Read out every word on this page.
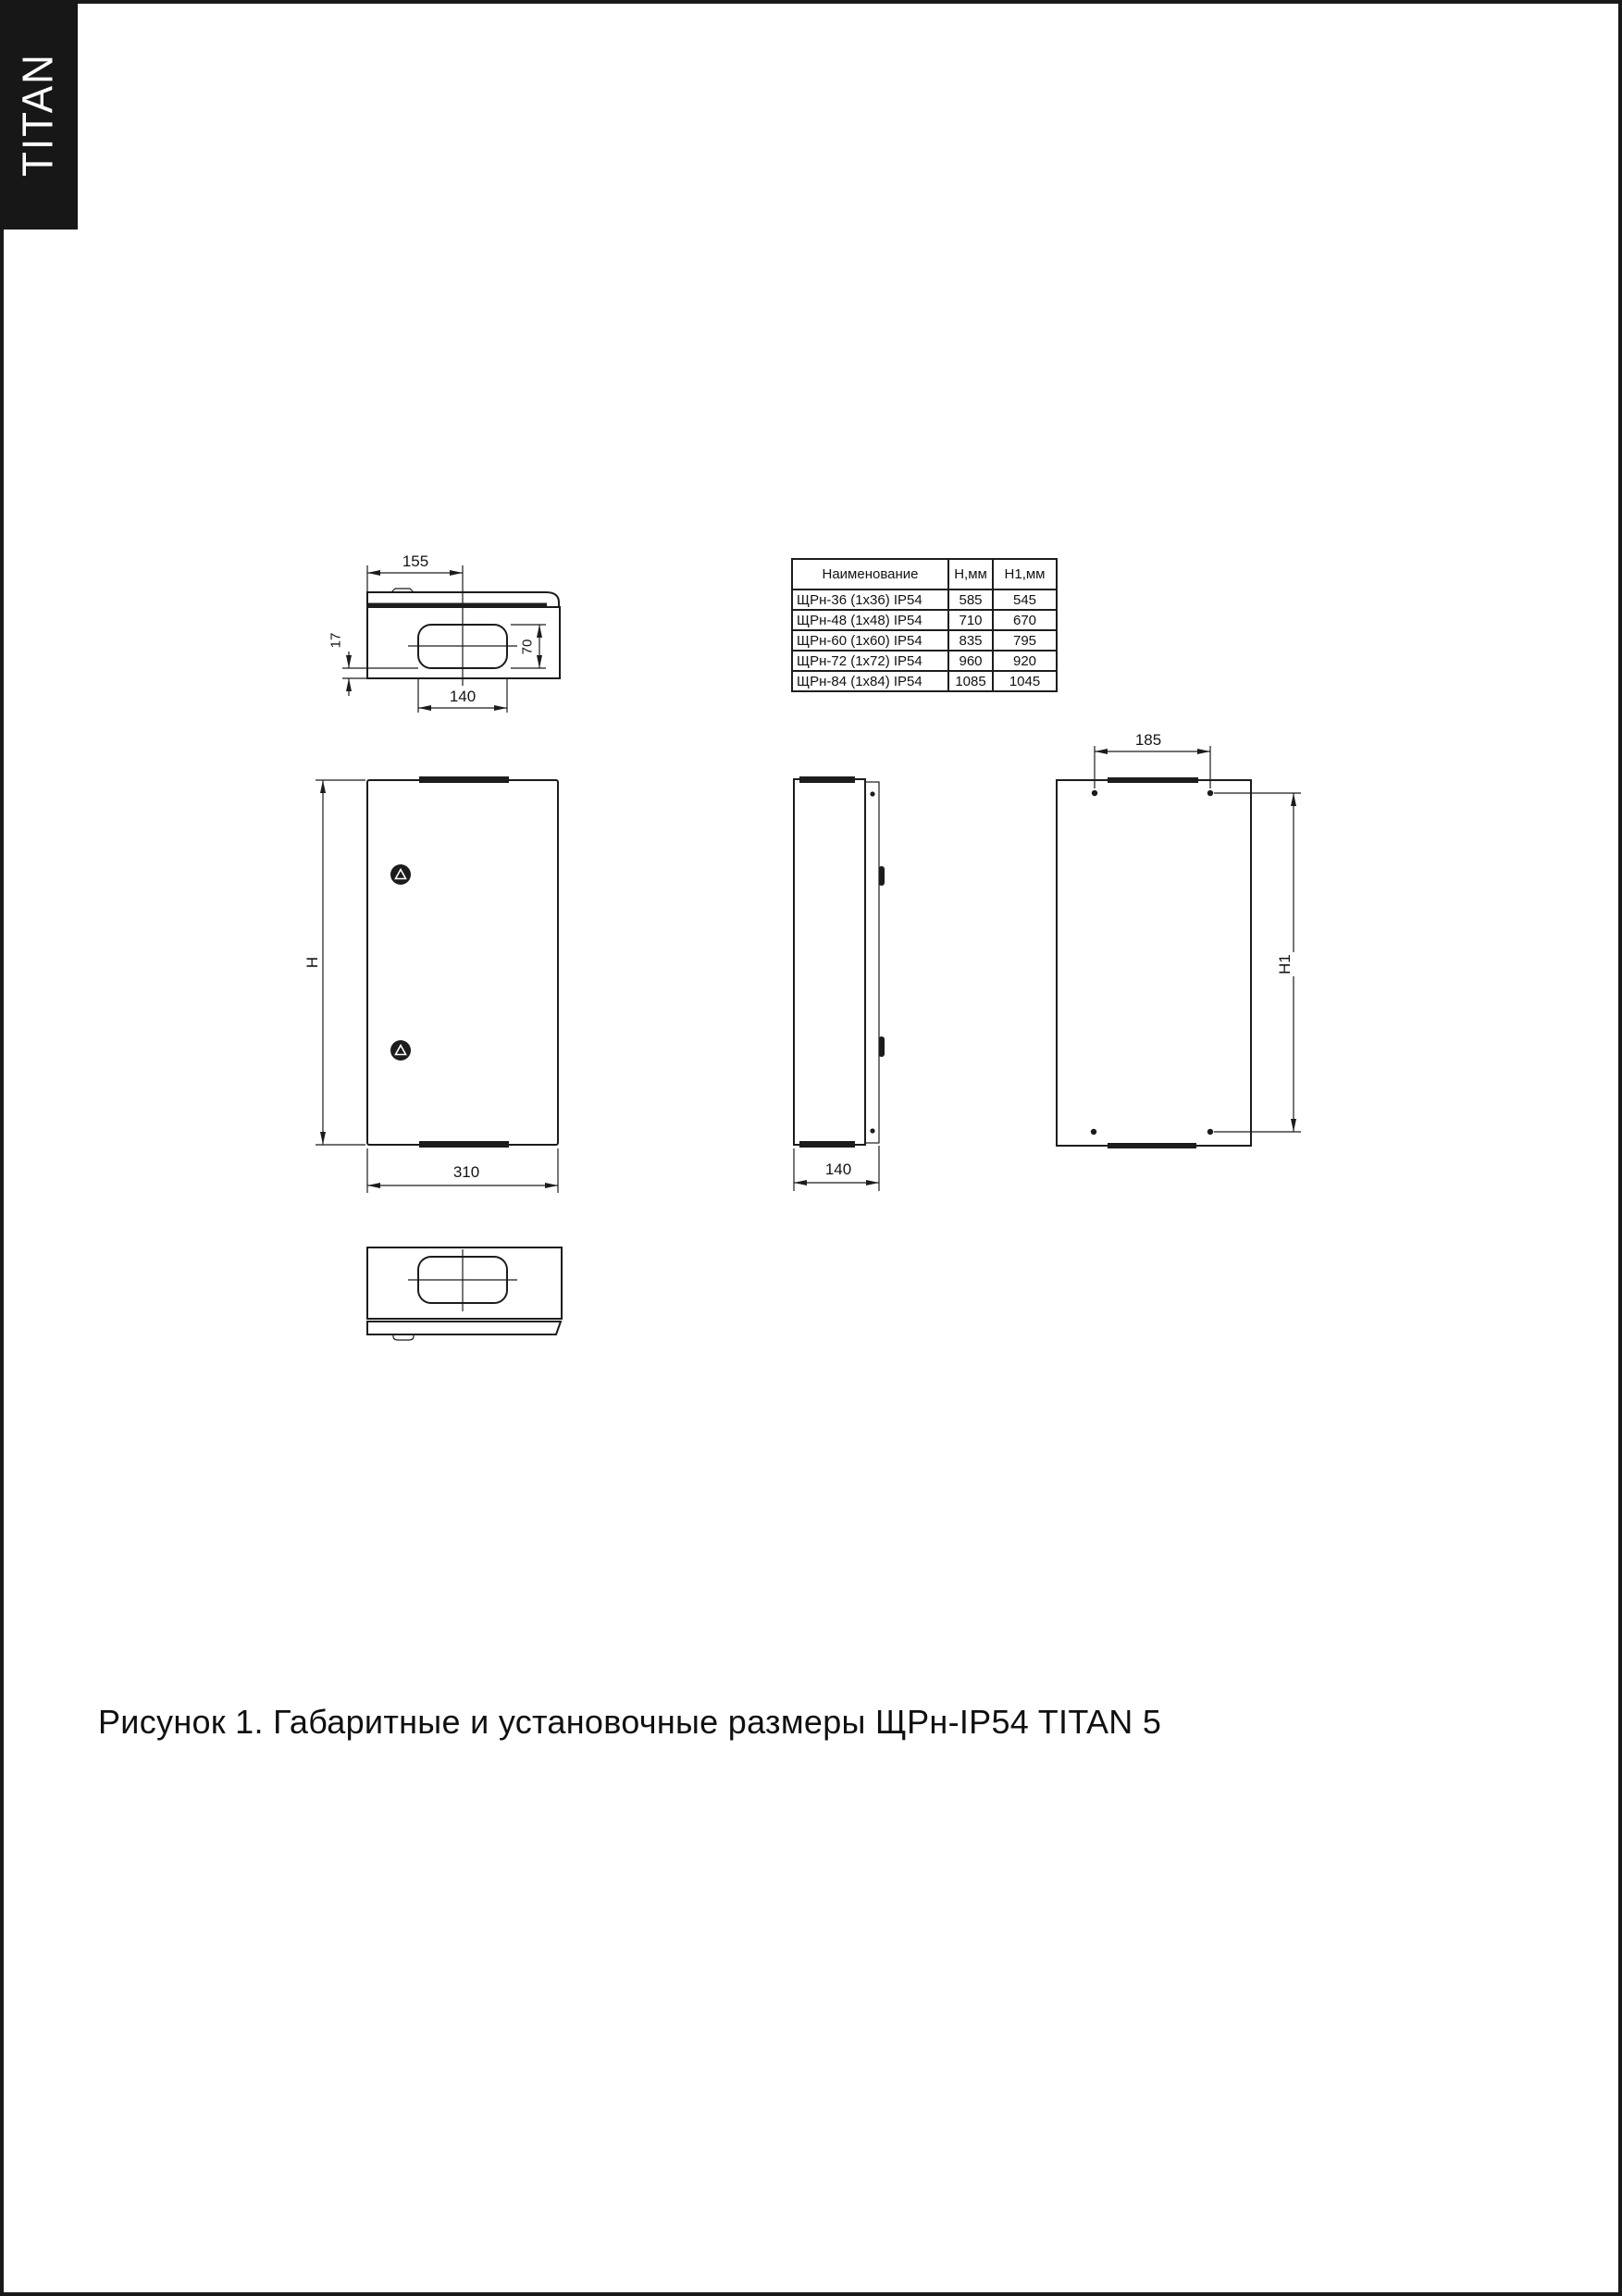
TITAN
155
17	70
140
H
310	140
185
H1
Наименование	Н,мм	Н1,мм
ЩРн-36 (1x36) IP54	585	545
ЩРн-48 (1x48) IP54	710	670
ЩРн-60 (1x60) IP54	835	795
ЩРн-72 (1x72) IP54	960	920
ЩРн-84 (1x84) IP54	1085	1045
Рисунок 1. Габаритные и установочные размеры ЩРн-IP54 TITAN 5
